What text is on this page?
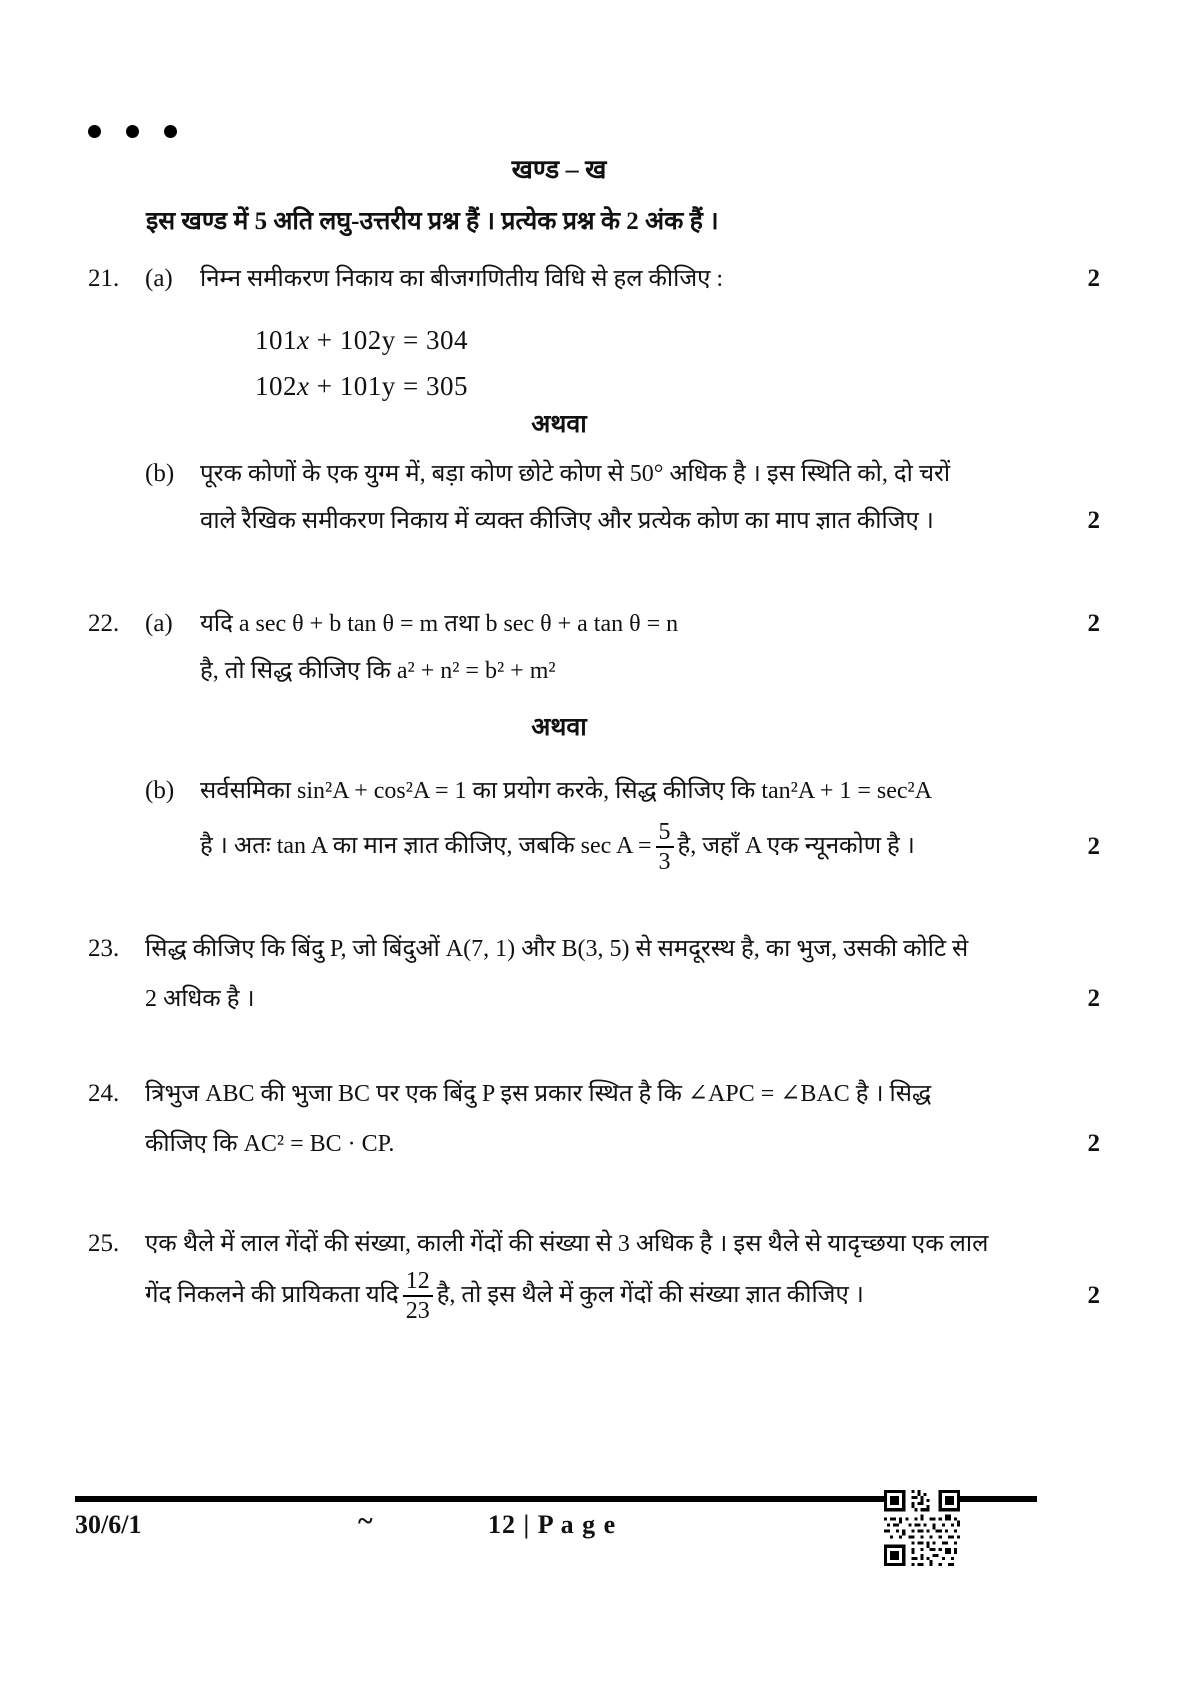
खण्ड – ख
इस खण्ड में 5 अति लघु-उत्तरीय प्रश्न हैं । प्रत्येक प्रश्न के 2 अंक हैं ।
21.	(a)	निम्न समीकरण निकाय का बीजगणितीय विधि से हल कीजिए :	2
101x + 102y = 304
102x + 101y = 305
अथवा
(b)	पूरक कोणों के एक युग्म में, बड़ा कोण छोटे कोण से 50° अधिक है । इस स्थिति को, दो चरों
वाले रैखिक समीकरण निकाय में व्यक्त कीजिए और प्रत्येक कोण का माप ज्ञात कीजिए ।	2
22.	(a)	यदि a sec θ + b tan θ = m तथा b sec θ + a tan θ = n	2
है, तो सिद्ध कीजिए कि a² + n² = b² + m²
अथवा
(b)	सर्वसमिका sin²A + cos²A = 1 का प्रयोग करके, सिद्ध कीजिए कि tan²A + 1 = sec²A
है । अतः tan A का मान ज्ञात कीजिए, जबकि $\sec A = \frac{5}{3}$ है, जहाँ A एक न्यूनकोण है ।	2
23.	सिद्ध कीजिए कि बिंदु P, जो बिंदुओं A(7, 1) और B(3, 5) से समदूरस्थ है, का भुज, उसकी कोटि से
2 अधिक है ।	2
24.	त्रिभुज ABC की भुजा BC पर एक बिंदु P इस प्रकार स्थित है कि ∠APC = ∠BAC है । सिद्ध
कीजिए कि AC² = BC · CP.	2
25.	एक थैले में लाल गेंदों की संख्या, काली गेंदों की संख्या से 3 अधिक है । इस थैले से यादृच्छया एक लाल
गेंद निकलने की प्रायिकता यदि $\frac{12}{23}$ है, तो इस थैले में कुल गेंदों की संख्या ज्ञात कीजिए ।	2
30/6/1	~	12 | P a g e
